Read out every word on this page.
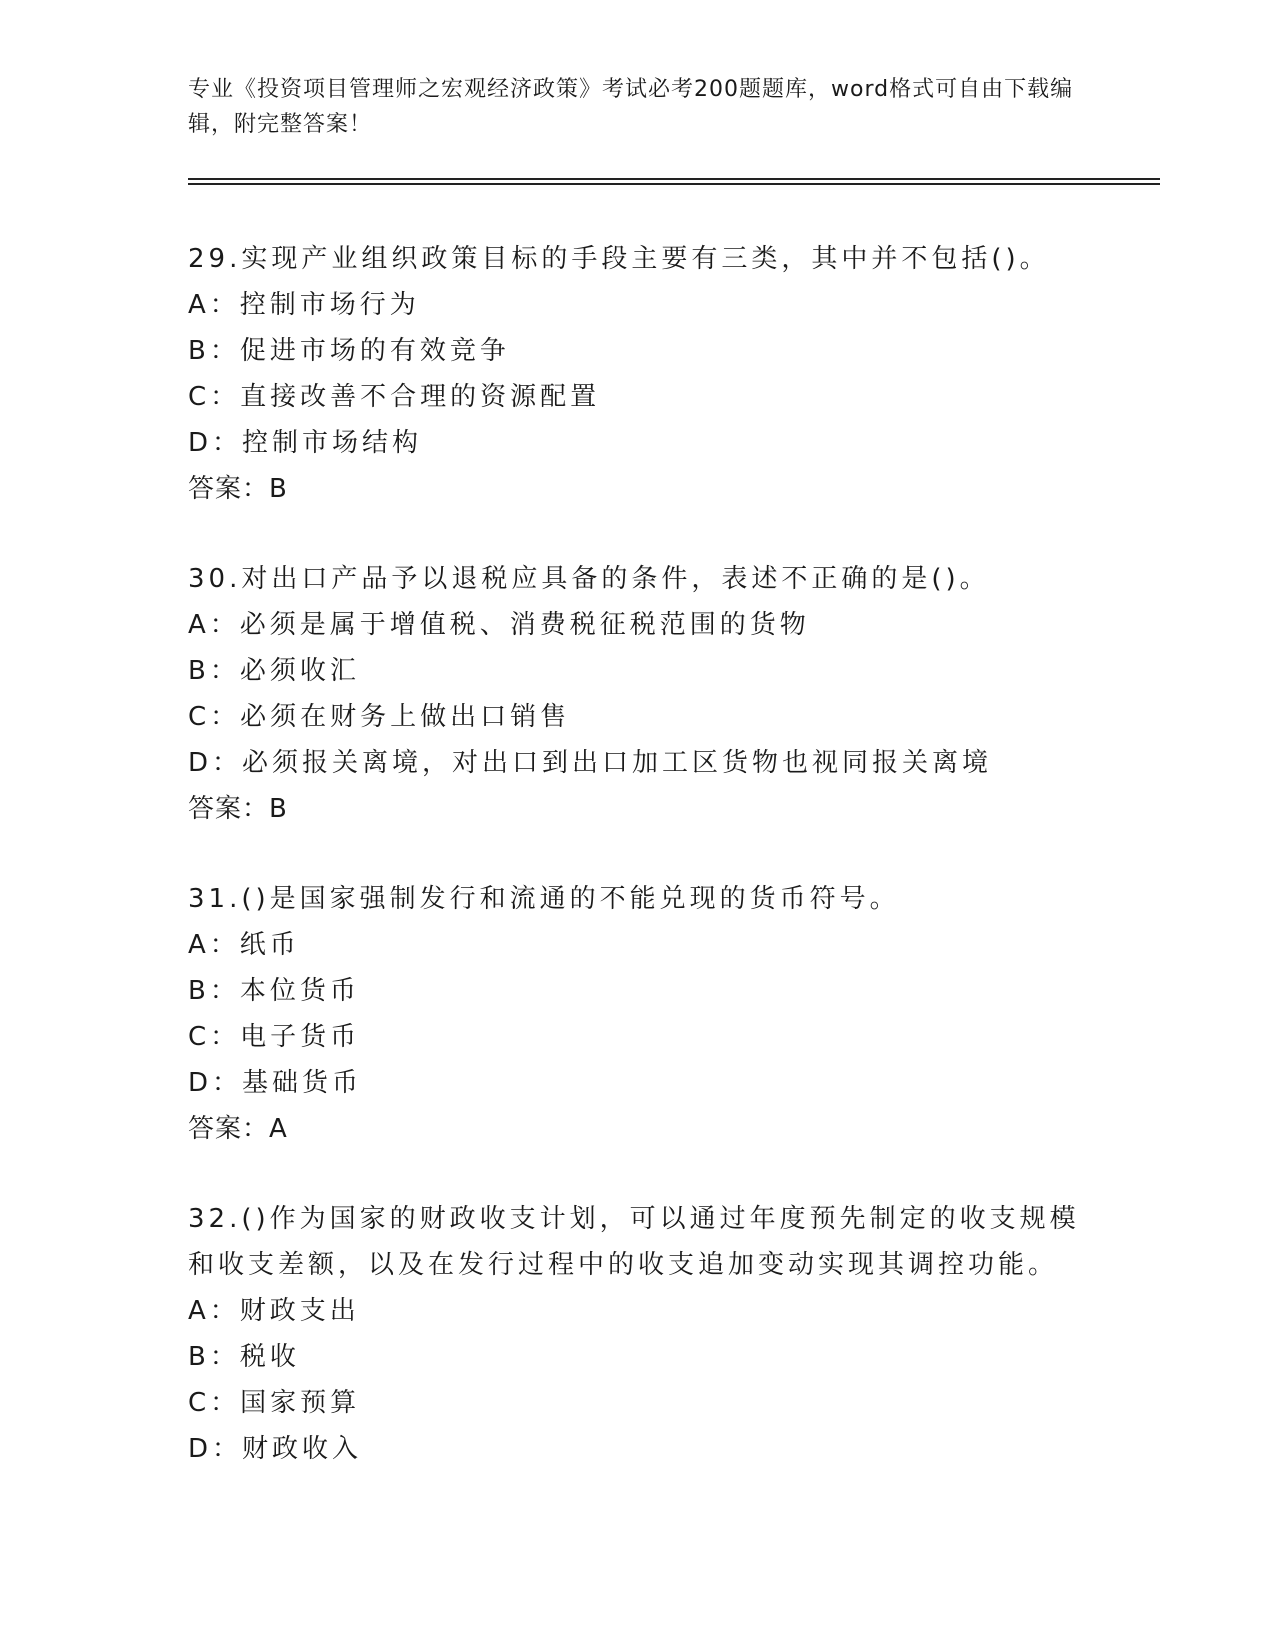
专业《投资项目管理师之宏观经济政策》考试必考200题题库，word格式可自由下载编辑，附完整答案！
29.实现产业组织政策目标的手段主要有三类，其中并不包括()。
A：控制市场行为
B：促进市场的有效竞争
C：直接改善不合理的资源配置
D：控制市场结构
答案：B
30.对出口产品予以退税应具备的条件，表述不正确的是()。
A：必须是属于增值税、消费税征税范围的货物
B：必须收汇
C：必须在财务上做出口销售
D：必须报关离境，对出口到出口加工区货物也视同报关离境
答案：B
31.()是国家强制发行和流通的不能兑现的货币符号。
A：纸币
B：本位货币
C：电子货币
D：基础货币
答案：A
32.()作为国家的财政收支计划，可以通过年度预先制定的收支规模和收支差额，以及在发行过程中的收支追加变动实现其调控功能。
A：财政支出
B：税收
C：国家预算
D：财政收入
